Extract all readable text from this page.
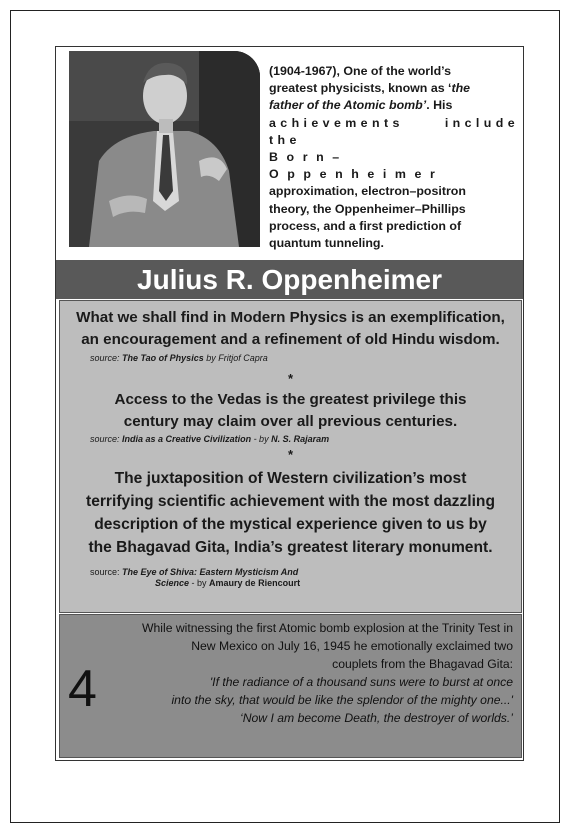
(1904-1967), One of the world’s

greatest physicists, known as ‘the

father of the Atomic bomb’. His

achievements include the

Born–Oppenheimer

approximation, electron–positron

theory, the Oppenheimer–Phillips

process, and a first prediction of

quantum tunneling.

Julius R. Oppenheimer
What we shall find in Modern Physics is an exemplification,
an encouragement and a refinement of old Hindu wisdom.
source: The Tao of Physics by Fritjof Capra
*
Access to the Vedas is the greatest privilege this
century may claim over all previous centuries.
source: India as a Creative Civilization - by N. S. Rajaram
*
The juxtaposition of Western civilization’s most
terrifying scientific achievement with the most dazzling
description of the mystical experience given to us by
the Bhagavad Gita, India’s greatest literary monument.
source: The Eye of Shiva: Eastern Mysticism And
Science - by Amaury de Riencourt
4
While witnessing the first Atomic bomb explosion at the Trinity Test in
New Mexico on July 16, 1945 he emotionally exclaimed two
couplets from the Bhagavad Gita:
'If the radiance of a thousand suns were to burst at once
into the sky, that would be like the splendor of the mighty one...'
‘Now I am become Death, the destroyer of worlds.’
